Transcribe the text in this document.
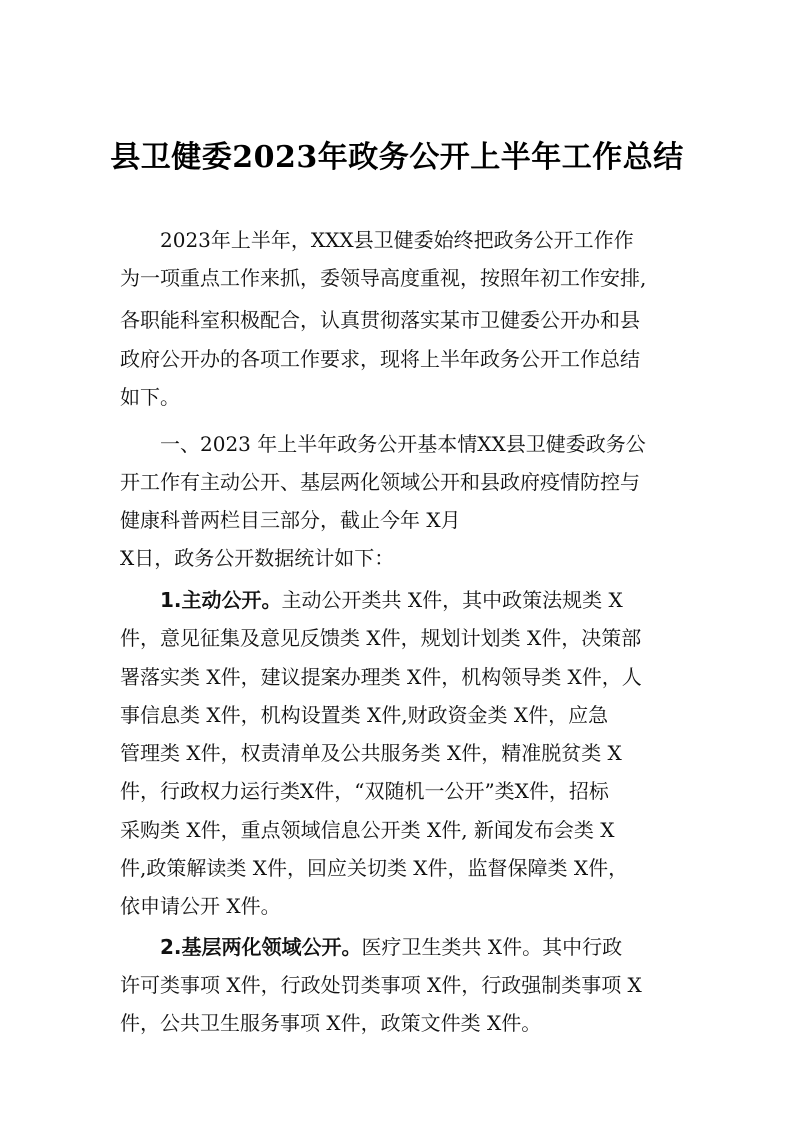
县卫健委2023年政务公开上半年工作总结
2023年上半年，XXX县卫健委始终把政务公开工作作
为一项重点工作来抓，委领导高度重视，按照年初工作安排,
各职能科室积极配合，认真贯彻落实某市卫健委公开办和县
政府公开办的各项工作要求，现将上半年政务公开工作总结
如下。
一、2023 年上半年政务公开基本情XX县卫健委政务公
开工作有主动公开、基层两化领域公开和县政府疫情防控与
健康科普两栏目三部分，截止今年 X月
X日，政务公开数据统计如下：
1.主动公开。主动公开类共 X件，其中政策法规类 X
件，意见征集及意见反馈类 X件，规划计划类 X件，决策部
署落实类 X件，建议提案办理类 X件，机构领导类 X件，人
事信息类 X件，机构设置类 X件,财政资金类 X件，应急
管理类 X件，权责清单及公共服务类 X件，精准脱贫类 X
件，行政权力运行类X件，“双随机一公开”类X件，招标
采购类 X件，重点领域信息公开类 X件, 新闻发布会类 X
件,政策解读类 X件，回应关切类 X件，监督保障类 X件，
依申请公开 X件。
2.基层两化领域公开。医疗卫生类共 X件。其中行政
许可类事项 X件，行政处罚类事项 X件，行政强制类事项 X
件，公共卫生服务事项 X件，政策文件类 X件。
